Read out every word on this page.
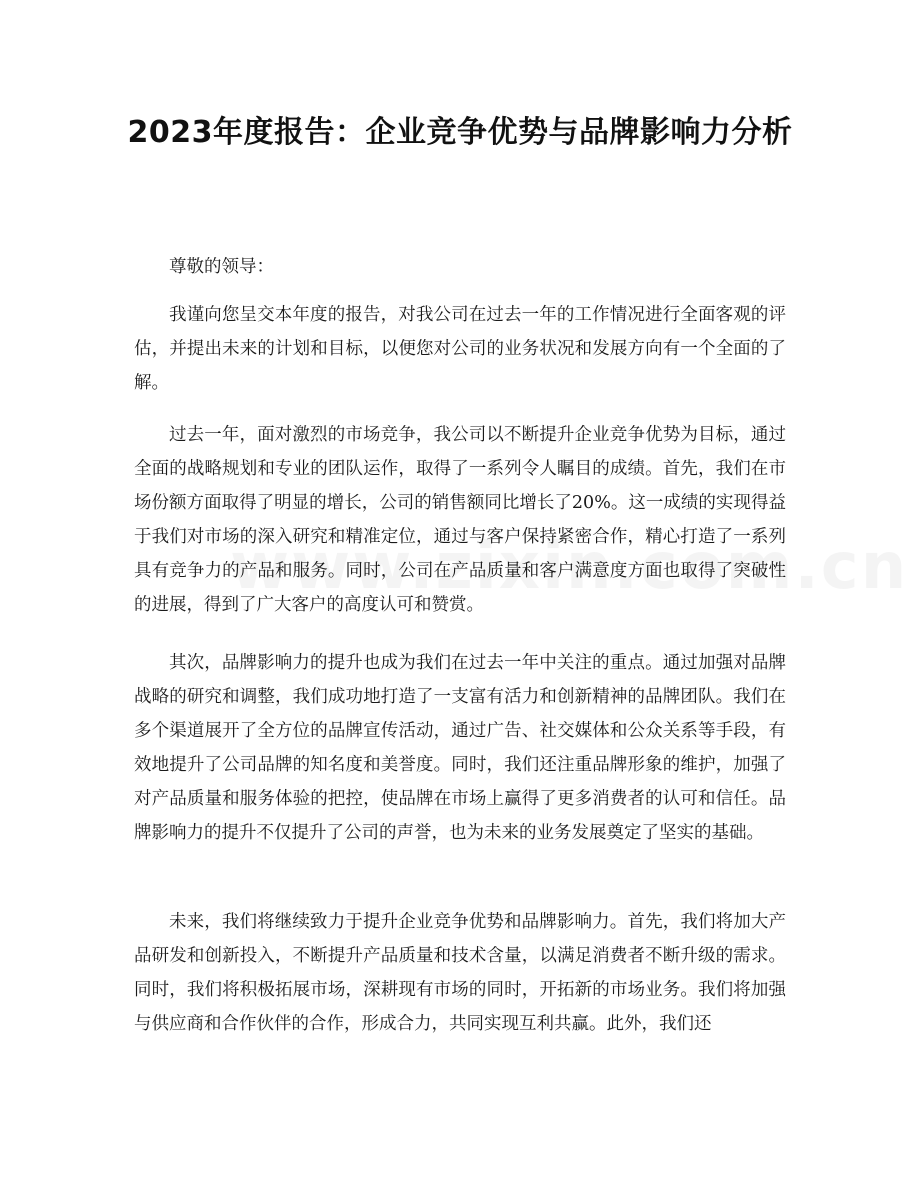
2023年度报告：企业竞争优势与品牌影响力分析

尊敬的领导：

我谨向您呈交本年度的报告，对我公司在过去一年的工作情况进行全面客观的评估，并提出未来的计划和目标，以便您对公司的业务状况和发展方向有一个全面的了解。

过去一年，面对激烈的市场竞争，我公司以不断提升企业竞争优势为目标，通过全面的战略规划和专业的团队运作，取得了一系列令人瞩目的成绩。首先，我们在市场份额方面取得了明显的增长，公司的销售额同比增长了20%。这一成绩的实现得益于我们对市场的深入研究和精准定位，通过与客户保持紧密合作，精心打造了一系列具有竞争力的产品和服务。同时，公司在产品质量和客户满意度方面也取得了突破性的进展，得到了广大客户的高度认可和赞赏。

其次，品牌影响力的提升也成为我们在过去一年中关注的重点。通过加强对品牌战略的研究和调整，我们成功地打造了一支富有活力和创新精神的品牌团队。我们在多个渠道展开了全方位的品牌宣传活动，通过广告、社交媒体和公众关系等手段，有效地提升了公司品牌的知名度和美誉度。同时，我们还注重品牌形象的维护，加强了对产品质量和服务体验的把控，使品牌在市场上赢得了更多消费者的认可和信任。品牌影响力的提升不仅提升了公司的声誉，也为未来的业务发展奠定了坚实的基础。

未来，我们将继续致力于提升企业竞争优势和品牌影响力。首先，我们将加大产品研发和创新投入，不断提升产品质量和技术含量，以满足消费者不断升级的需求。同时，我们将积极拓展市场，深耕现有市场的同时，开拓新的市场业务。我们将加强与供应商和合作伙伴的合作，形成合力，共同实现互利共赢。此外，我们还
